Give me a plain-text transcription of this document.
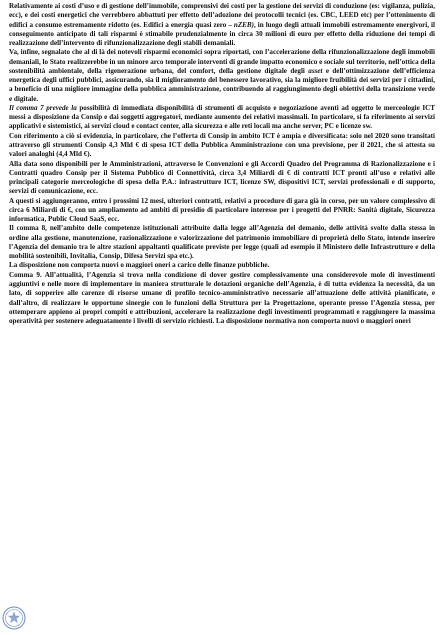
Relativamente ai costi d’uso e di gestione dell’immobile, comprensivi dei costi per la gestione dei servizi di conduzione (es: vigilanza, pulizia, ecc), e dei costi energetici che verrebbero abbattuti per effetto dell’adozione dei protocolli tecnici (es. CBC, LEED etc) per l’ottenimento di edifici a consumo estremamente ridotto (es. Edifici a energia quasi zero – nZEB), in luogo degli attuali immobili estremamente energivori, il conseguimento anticipato di tali risparmi è stimabile prudenzialmente in circa 30 milioni di euro per effetto della riduzione dei tempi di realizzazione dell’intervento di rifunzionalizzazione degli stabili demaniali.

Va, infine, segnalato che al di là dei notevoli risparmi economici sopra riportati, con l’accelerazione della rifunzionalizzazione degli immobili demaniali, lo Stato realizzerebbe in un minore arco temporale interventi di grande impatto economico e sociale sul territorio, nell’ottica della sostenibilità ambientale, della rigenerazione urbana, del comfort, della gestione digitale degli asset e dell’ottimizzazione dell’efficienza energetica degli uffici pubblici, assicurando, sia il miglioramento del benessere lavorativo, sia la migliore fruibilità dei servizi per i cittadini, a beneficio di una migliore immagine della pubblica amministrazione, contribuendo al raggiungimento degli obiettivi della transizione verde e digitale.

Il comma 7 prevede la possibilità di immediata disponibilità di strumenti di acquisto e negoziazione aventi ad oggetto le merceologie ICT messi a disposizione da Consip e dai soggetti aggregatori, mediante aumento dei relativi massimali. In particolare, si fa riferimento ai servizi applicativi e sistemistici, ai servizi cloud e contact center, alla sicurezza e alle reti locali ma anche server, PC e licenze sw.

Con riferimento a ciò si evidenzia, in particolare, che l’offerta di Consip in ambito ICT è ampia e diversificata: solo nel 2020 sono transitati attraverso gli strumenti Consip 4,3 Mld € di spesa ICT della Pubblica Amministrazione con una previsione, per il 2021, che si attesta su valori analoghi (4,4 Mld €).

Alla data sono disponibili per le Amministrazioni, attraverso le Convenzioni e gli Accordi Quadro del Programma di Razionalizzazione e i Contratti quadro Consip per il Sistema Pubblico di Connettività, circa 3,4 Miliardi di € di contratti ICT pronti all’uso e relativi alle principali categorie merceologiche di spesa della P.A.: infrastrutture ICT, licenze SW, dispositivi ICT, servizi professionali e di supporto, servizi di comunicazione, ecc.

A questi si aggiungeranno, entro i prossimi 12 mesi, ulteriori contratti, relativi a procedure di gara già in corso, per un valore complessivo di circa 6 Miliardi di €, con un ampliamento ad ambiti di presidio di particolare interesse per i progetti del PNRR: Sanità digitale, Sicurezza informatica, Public Cloud SaaS, ecc.

Il comma 8, nell’ambito delle competenze istituzionali attribuite dalla legge all’Agenzia del demanio, delle attività svolte dalla stessa in ordine alla gestione, manutenzione, razionalizzazione e valorizzazione del patrimonio immobiliare di proprietà dello Stato, intende inserire l’Agenzia del demanio tra le altre stazioni appaltanti qualificate previste per legge (quali ad esempio il Ministero delle Infrastrutture e della mobilità sostenibili, Invitalia, Consip, Difesa Servizi spa etc.).

La disposizione non comporta nuovi o maggiori oneri a carico delle finanze pubbliche.

Comma 9. All’attualità, l’Agenzia si trova nella condizione di dover gestire complessivamente una considerevole mole di investimenti aggiuntivi e nelle more di implementare in maniera strutturale le dotazioni organiche dell’Agenzia, è di tutta evidenza la necessità, da un lato, di sopperire alle carenze di risorse umane di profilo tecnico-amministrativo necessarie all’attuazione delle attività pianificate, e dall’altro, di realizzare le opportune sinergie con le funzioni della Struttura per la Progettazione, operante presso l’Agenzia stessa, per ottemperare appieno ai propri compiti e attribuzioni, accelerare la realizzazione degli investimenti programmati e raggiungere la massima operatività per sostenere adeguatamente i livelli di servizio richiesti. La disposizione normativa non comporta nuovi o maggiori oneri
